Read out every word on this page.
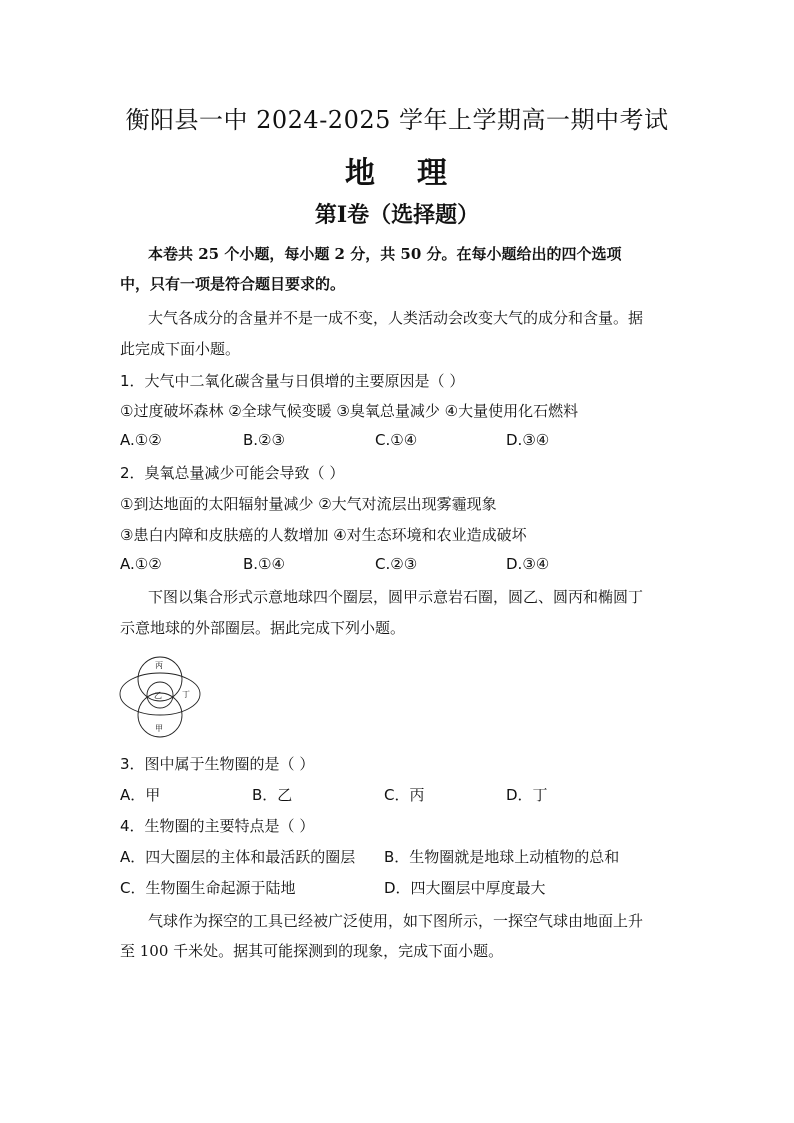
衡阳县一中 2024-2025 学年上学期高一期中考试
地 理
第Ⅰ卷（选择题）
本卷共 25 个小题，每小题 2 分，共 50 分。在每小题给出的四个选项
中，只有一项是符合题目要求的。
大气各成分的含量并不是一成不变，人类活动会改变大气的成分和含量。据
此完成下面小题。
1．大气中二氧化碳含量与日俱增的主要原因是（ ）
①过度破坏森林 ②全球气候变暖 ③臭氧总量减少 ④大量使用化石燃料
A.①②	B.②③	C.①④	D.③④
2．臭氧总量减少可能会导致（ ）
①到达地面的太阳辐射量减少 ②大气对流层出现雾霾现象
③患白内障和皮肤癌的人数增加 ④对生态环境和农业造成破坏
A.①②	B.①④	C.②③	D.③④
下图以集合形式示意地球四个圈层，圆甲示意岩石圈，圆乙、圆丙和椭圆丁
示意地球的外部圈层。据此完成下列小题。
丙
乙	丁
甲
3．图中属于生物圈的是（ ）
A．甲	B．乙	C．丙	D．丁
4．生物圈的主要特点是（ ）
A．四大圈层的主体和最活跃的圈层 B．生物圈就是地球上动植物的总和
C．生物圈生命起源于陆地	D．四大圈层中厚度最大
气球作为探空的工具已经被广泛使用，如下图所示，一探空气球由地面上升
至 100 千米处。据其可能探测到的现象，完成下面小题。
